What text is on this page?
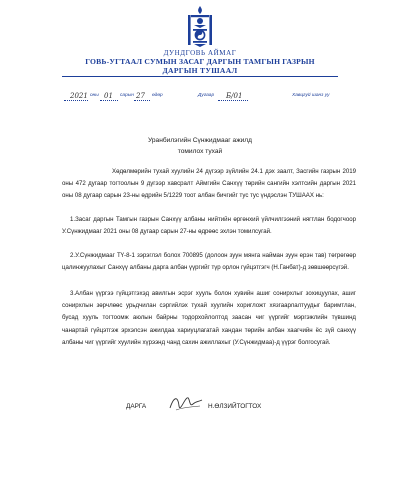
ДУНДГОВЬ АЙМАГ
ГОВЬ-УГТААЛ СУМЫН ЗАСАГ ДАРГЫН ТАМГЫН ГАЗРЫН
ДАРГЫН ТУШААЛ
2021 оны 01 сарын 27 өдөр	Дугаар Б/01	Хавцгуй шанз уу
Уранбилэгийн Сүнжидмааг ажилд
томилох тухай

Хөдөлмөрийн тухай хуулийн 24 дүгээр зүйлийн 24.1 дэх заалт, Засгийн газрын 2019 оны 472 дугаар тогтоолын 9 дүгээр хавсралт Аймгийн Санхүү төрийн сангийн хэлтсийн даргын 2021 оны 08 дугаар сарын 23-ны өдрийн 5/1229 тоот албан бичгийг тус тус үндэслэн ТУШААХ нь:

1.Засаг даргын Тамгын газрын Санхүү албаны нийтийн өргөнхий үйлчилгээний нягтлан бодогчоор У.Сүнжидмааг 2021 оны 08 дугаар сарын 27-ны өдрөөс эхлэн томилсугай.

2.У.Сүнжидмааг ТҮ-8-1 зэрэглэл болох 700895 (долоон зуун мянга найман зуун ерэн тав) төгрөгөөр цалинжуулахыг Санхүү албаны дарга албан үүргийг түр орлон гүйцэтгэгч (Н.Ганбат)-д зөвшөөрсүгэй.

3.Албан үүргээ гүйцэтгэхэд авилгын эсрэг хууль болон хувийн ашиг сонирхлыг зохицуулах, ашиг сонирхлын зөрчлөөс урьдчилан сэргийлэх тухай хуулийн хоригложт хязгаарлалтуудыг баримтлан, бусад хууль тогтоомж аюлын байрны тодорхойлолтод заасан чиг үүргийг мэргэжлийн түвшинд чанартай гүйцэтгэж эрхэлсэн ажилдаа хариуцлагатай хандан төрийн албан хаагчийн ёс зүй санхүү албаны чиг үүргийг хуулийн хүрээнд чанд сахин ажиллахыг (У.Сүнжидмаа)-д үүрэг болгосугай.

ДАРГА	Н.ӨЛЗИЙТОГТОХ
